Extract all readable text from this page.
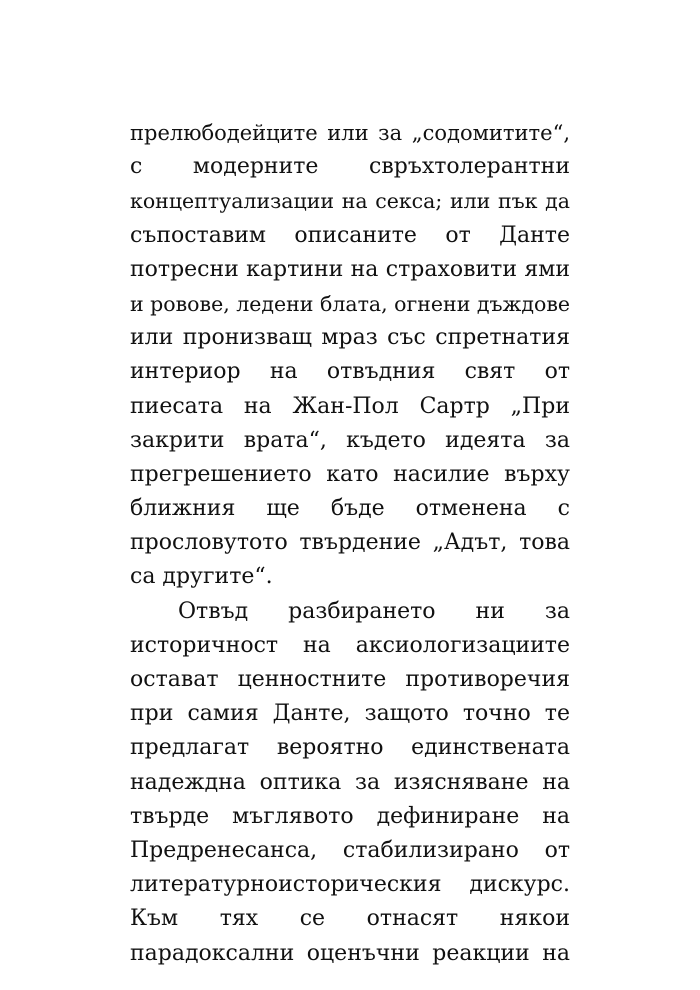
прелюбодейците или за „содомитите“,
с модерните свръхтолерантни
концептуализации на секса; или пък да
съпоставим описаните от Данте
потресни картини на страховити ями
и ровове, ледени блата, огнени дъждове
или пронизващ мраз със спретнатия
интериор на отвъдния свят от
пиесата на Жан-Пол Сартр „При
закрити врата“, където идеята за
прегрешението като насилие върху
ближния ще бъде отменена с
прословутото твърдение „Адът, това
са другите“.
Отвъд разбирането ни за
историчност на аксиологизациите
остават ценностните противоречия
при самия Данте, защото точно те
предлагат вероятно единствената
надеждна оптика за изясняване на
твърде мъглявото дефиниране на
Предренесанса, стабилизирано от
литературноисторическия дискурс.
Към тях се отнасят някои
парадоксални оценъчни реакции на
